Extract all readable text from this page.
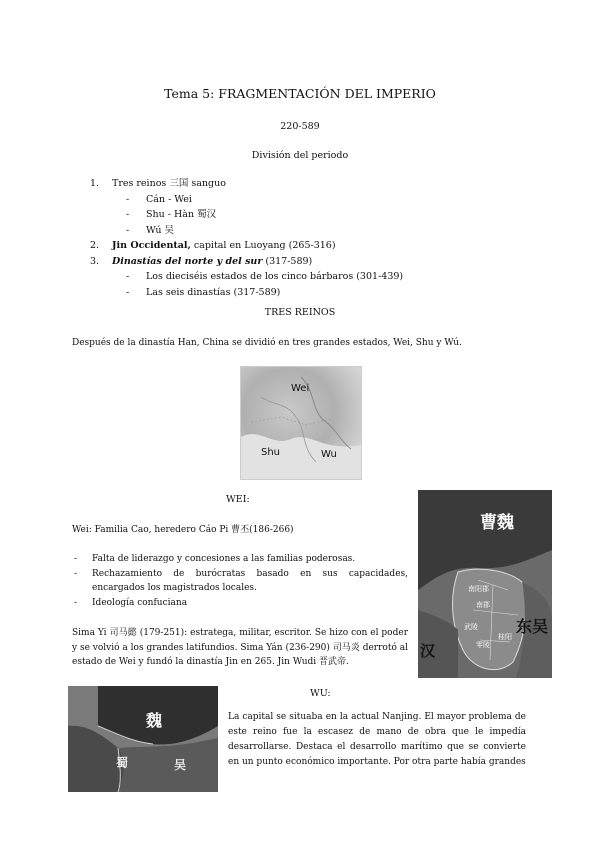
Tema 5: FRAGMENTACIÓN DEL IMPERIO
220-589
División del periodo
1. Tres reinos 三国 sanguo
- Cán - Wei
- Shu - Hàn 蜀汉
- Wú 吴
2. Jin Occidental, capital en Luoyang (265-316)
3. Dinastías del norte y del sur (317-589)
- Los dieciséis estados de los cinco bárbaros (301-439)
- Las seis dinastías (317-589)
TRES REINOS
Después de la dinastía Han, China se dividió en tres grandes estados, Wei, Shu y Wú.
Wei
Shu	Wu
WEI:
Wei: Familia Cao, heredero Cáo Pi 曹丕(186-266)
- Falta de liderazgo y concesiones a las familias poderosas.
- Rechazamiento de burócratas basado en sus capacidades, encargados los magistrados locales.
- Ideología confuciana
Sima Yi 司马懿 (179-251): estratega, militar, escritor. Se hizo con el poder y se volvió a los grandes latifundios. Sima Yán (236-290) 司马炎 derrotó al estado de Wei y fundó la dinastía Jin en 265. Jin Wudi 晋武帝.
曹魏
东吴
汉
南阳郡
南郡
武陵
零陵
桂阳
WU:
魏
蜀	吴
La capital se situaba en la actual Nanjing. El mayor problema de este reino fue la escasez de mano de obra que le impedía desarrollarse. Destaca el desarrollo marítimo que se convierte en un punto económico importante. Por otra parte había grandes
